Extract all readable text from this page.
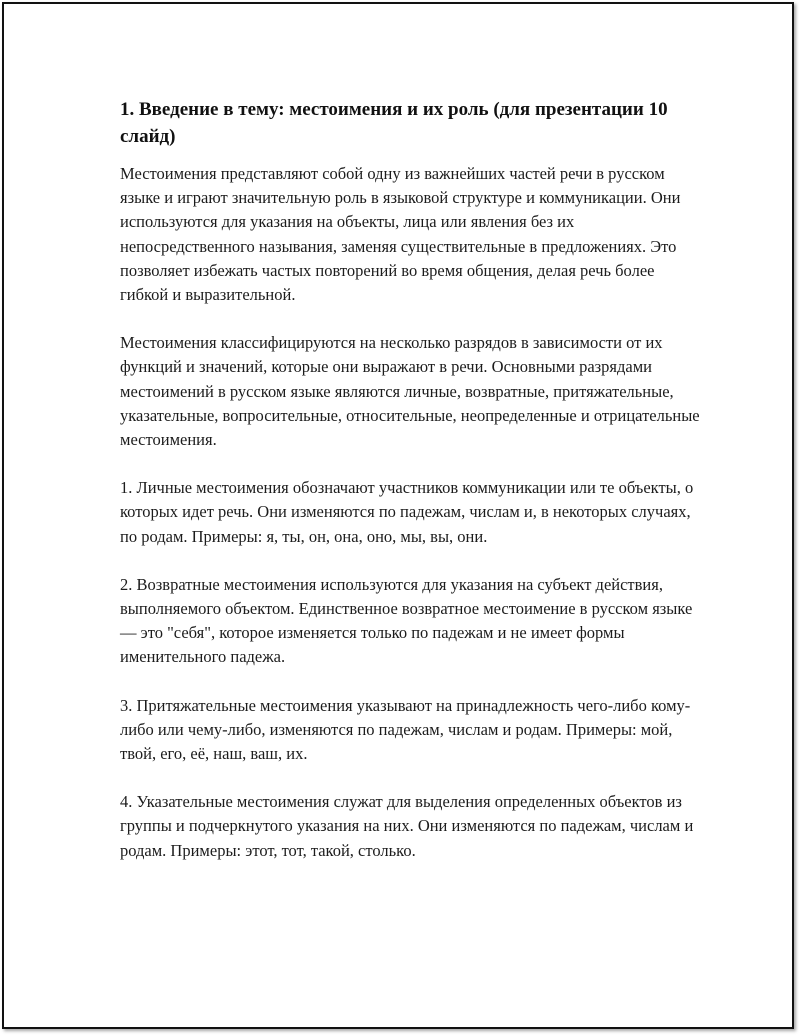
1. Введение в тему: местоимения и их роль (для презентации 10 слайд)

Местоимения представляют собой одну из важнейших частей речи в русском языке и играют значительную роль в языковой структуре и коммуникации. Они используются для указания на объекты, лица или явления без их непосредственного называния, заменяя существительные в предложениях. Это позволяет избежать частых повторений во время общения, делая речь более гибкой и выразительной.

Местоимения классифицируются на несколько разрядов в зависимости от их функций и значений, которые они выражают в речи. Основными разрядами местоимений в русском языке являются личные, возвратные, притяжательные, указательные, вопросительные, относительные, неопределенные и отрицательные местоимения.

1. Личные местоимения обозначают участников коммуникации или те объекты, о которых идет речь. Они изменяются по падежам, числам и, в некоторых случаях, по родам. Примеры: я, ты, он, она, оно, мы, вы, они.

2. Возвратные местоимения используются для указания на субъект действия, выполняемого объектом. Единственное возвратное местоимение в русском языке — это "себя", которое изменяется только по падежам и не имеет формы именительного падежа.

3. Притяжательные местоимения указывают на принадлежность чего-либо кому-либо или чему-либо, изменяются по падежам, числам и родам. Примеры: мой, твой, его, её, наш, ваш, их.

4. Указательные местоимения служат для выделения определенных объектов из группы и подчеркнутого указания на них. Они изменяются по падежам, числам и родам. Примеры: этот, тот, такой, столько.
